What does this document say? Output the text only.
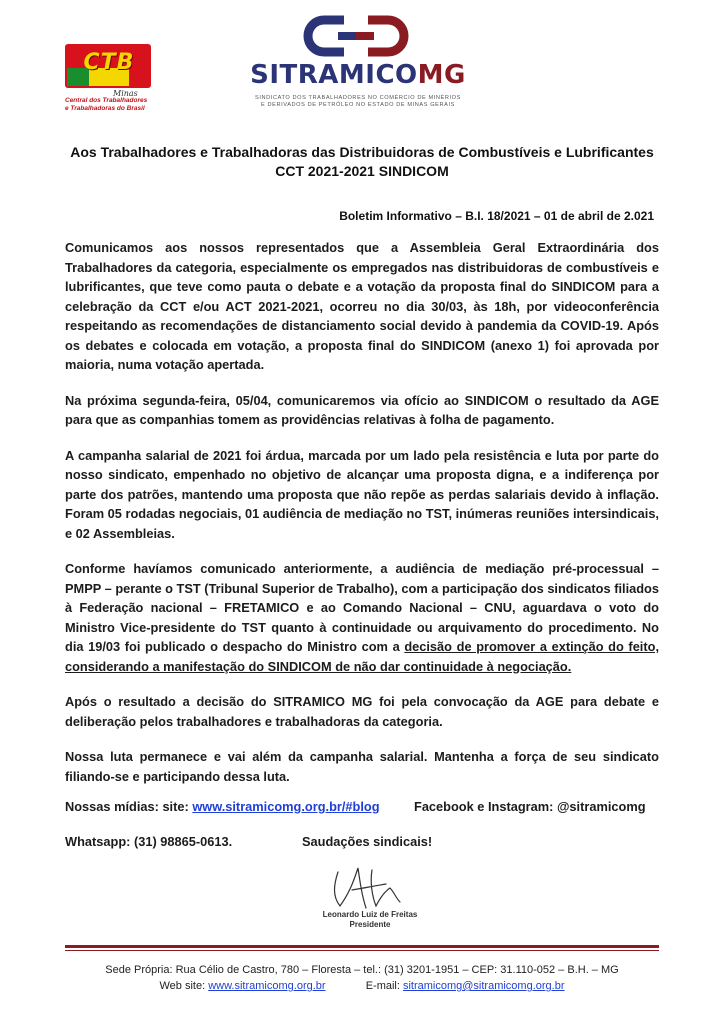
CTB
Minas
Central dos Trabalhadores
e Trabalhadoras do Brasil
SITRAMICOMG
SINDICATO DOS TRABALHADORES NO COMÉRCIO DE MINÉRIOS
E DERIVADOS DE PETRÓLEO NO ESTADO DE MINAS GERAIS
Aos Trabalhadores e Trabalhadoras das Distribuidoras de Combustíveis e Lubrificantes
CCT 2021-2021 SINDICOM
Boletim Informativo – B.I. 18/2021 – 01 de abril de 2.021

Comunicamos aos nossos representados que a Assembleia Geral Extraordinária dos Trabalhadores da categoria, especialmente os empregados nas distribuidoras de combustíveis e lubrificantes, que teve como pauta o debate e a votação da proposta final do SINDICOM para a celebração da CCT e/ou ACT 2021-2021, ocorreu no dia 30/03, às 18h, por videoconferência respeitando as recomendações de distanciamento social devido à pandemia da COVID-19. Após os debates e colocada em votação, a proposta final do SINDICOM (anexo 1) foi aprovada por maioria, numa votação apertada.

Na próxima segunda-feira, 05/04, comunicaremos via ofício ao SINDICOM o resultado da AGE para que as companhias tomem as providências relativas à folha de pagamento.

A campanha salarial de 2021 foi árdua, marcada por um lado pela resistência e luta por parte do nosso sindicato, empenhado no objetivo de alcançar uma proposta digna, e a indiferença por parte dos patrões, mantendo uma proposta que não repõe as perdas salariais devido à inflação. Foram 05 rodadas negociais, 01 audiência de mediação no TST, inúmeras reuniões intersindicais, e 02 Assembleias.

Conforme havíamos comunicado anteriormente, a audiência de mediação pré-processual – PMPP – perante o TST (Tribunal Superior de Trabalho), com a participação dos sindicatos filiados à Federação nacional – FRETAMICO e ao Comando Nacional – CNU, aguardava o voto do Ministro Vice-presidente do TST quanto à continuidade ou arquivamento do procedimento. No dia 19/03 foi publicado o despacho do Ministro com a decisão de promover a extinção do feito, considerando a manifestação do SINDICOM de não dar continuidade à negociação.

Após o resultado a decisão do SITRAMICO MG foi pela convocação da AGE para debate e deliberação pelos trabalhadores e trabalhadoras da categoria.

Nossa luta permanece e vai além da campanha salarial. Mantenha a força de seu sindicato filiando-se e participando dessa luta.

Nossas mídias: site: www.sitramicomg.org.br/#blog	Facebook e Instagram: @sitramicomg
Whatsapp: (31) 98865-0613.	Saudações sindicais!
Leonardo Luiz de Freitas
Presidente
Sede Própria: Rua Célio de Castro, 780 – Floresta – tel.: (31) 3201-1951 – CEP: 31.110-052 – B.H. – MG
Web site: www.sitramicomg.org.br	E-mail: sitramicomg@sitramicomg.org.br
